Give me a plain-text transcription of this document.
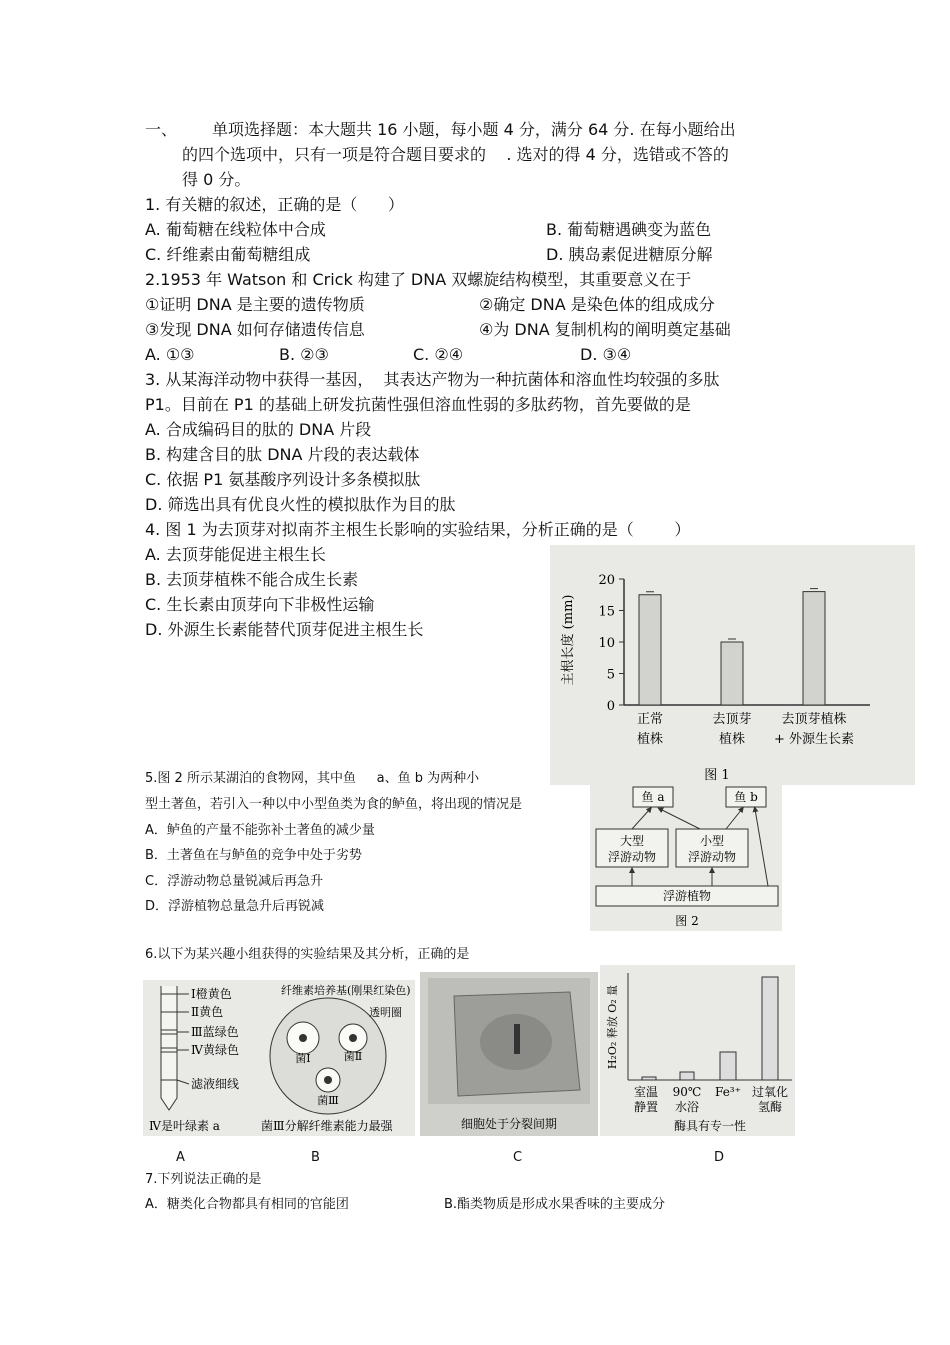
一、 单项选择题：本大题共 16 小题，每小题 4 分，满分 64 分. 在每小题给出
的四个选项中，只有一项是符合题目要求的    . 选对的得 4 分，选错或不答的
得 0 分。
1. 有关糖的叙述，正确的是（      ）
A. 葡萄糖在线粒体中合成	B. 葡萄糖遇碘变为蓝色
C. 纤维素由葡萄糖组成	D. 胰岛素促进糖原分解
2.1953 年 Watson 和 Crick 构建了 DNA 双螺旋结构模型，其重要意义在于
①证明 DNA 是主要的遗传物质	②确定 DNA 是染色体的组成成分
③发现 DNA 如何存储遗传信息	④为 DNA 复制机构的阐明奠定基础
A. ①③	B. ②③	C. ②④	D. ③④
3. 从某海洋动物中获得一基因，  其表达产物为一种抗菌体和溶血性均较强的多肽
P1。目前在 P1 的基础上研发抗菌性强但溶血性弱的多肽药物，首先要做的是
A. 合成编码目的肽的 DNA 片段
B. 构建含目的肽 DNA 片段的表达载体
C. 依据 P1 氨基酸序列设计多条模拟肽
D. 筛选出具有优良火性的模拟肽作为目的肽
4. 图 1 为去顶芽对拟南芥主根生长影响的实验结果，分析正确的是（        ）
A. 去顶芽能促进主根生长
B. 去顶芽植株不能合成生长素
C. 生长素由顶芽向下非极性运输
D. 外源生长素能替代顶芽促进主根生长	主根长度 (mm)
0
5
10
15
20
正常
植株
去顶芽
植株
去顶芽植株
+ 外源生长素
图 1
5.图 2 所示某湖泊的食物网，其中鱼     a、鱼 b 为两种小
型土著鱼，若引入一种以中小型鱼类为食的鲈鱼，将出现的情况是
A．鲈鱼的产量不能弥补土著鱼的减少量
B．土著鱼在与鲈鱼的竞争中处于劣势
C．浮游动物总量锐减后再急升
D．浮游植物总量急升后再锐减
鱼 a	鱼 b
大型
浮游动物
小型
浮游动物
浮游植物
图 2
6.以下为某兴趣小组获得的实验结果及其分析，正确的是
Ⅰ橙黄色
Ⅱ黄色
Ⅲ蓝绿色
Ⅳ黄绿色
滤液细线
Ⅳ是叶绿素 a
纤维素培养基(刚果红染色)
菌Ⅰ	菌Ⅱ
菌Ⅲ
透明圈
菌Ⅲ分解纤维素能力最强	细胞处于分裂间期
H₂O₂ 释放 O₂ 量
室温
静置
90℃
水浴
Fe³⁺ 过氧化
氢酶
酶具有专一性
A	B	C	D
7.下列说法正确的是
A．糖类化合物都具有相同的官能团	B.酯类物质是形成水果香味的主要成分
